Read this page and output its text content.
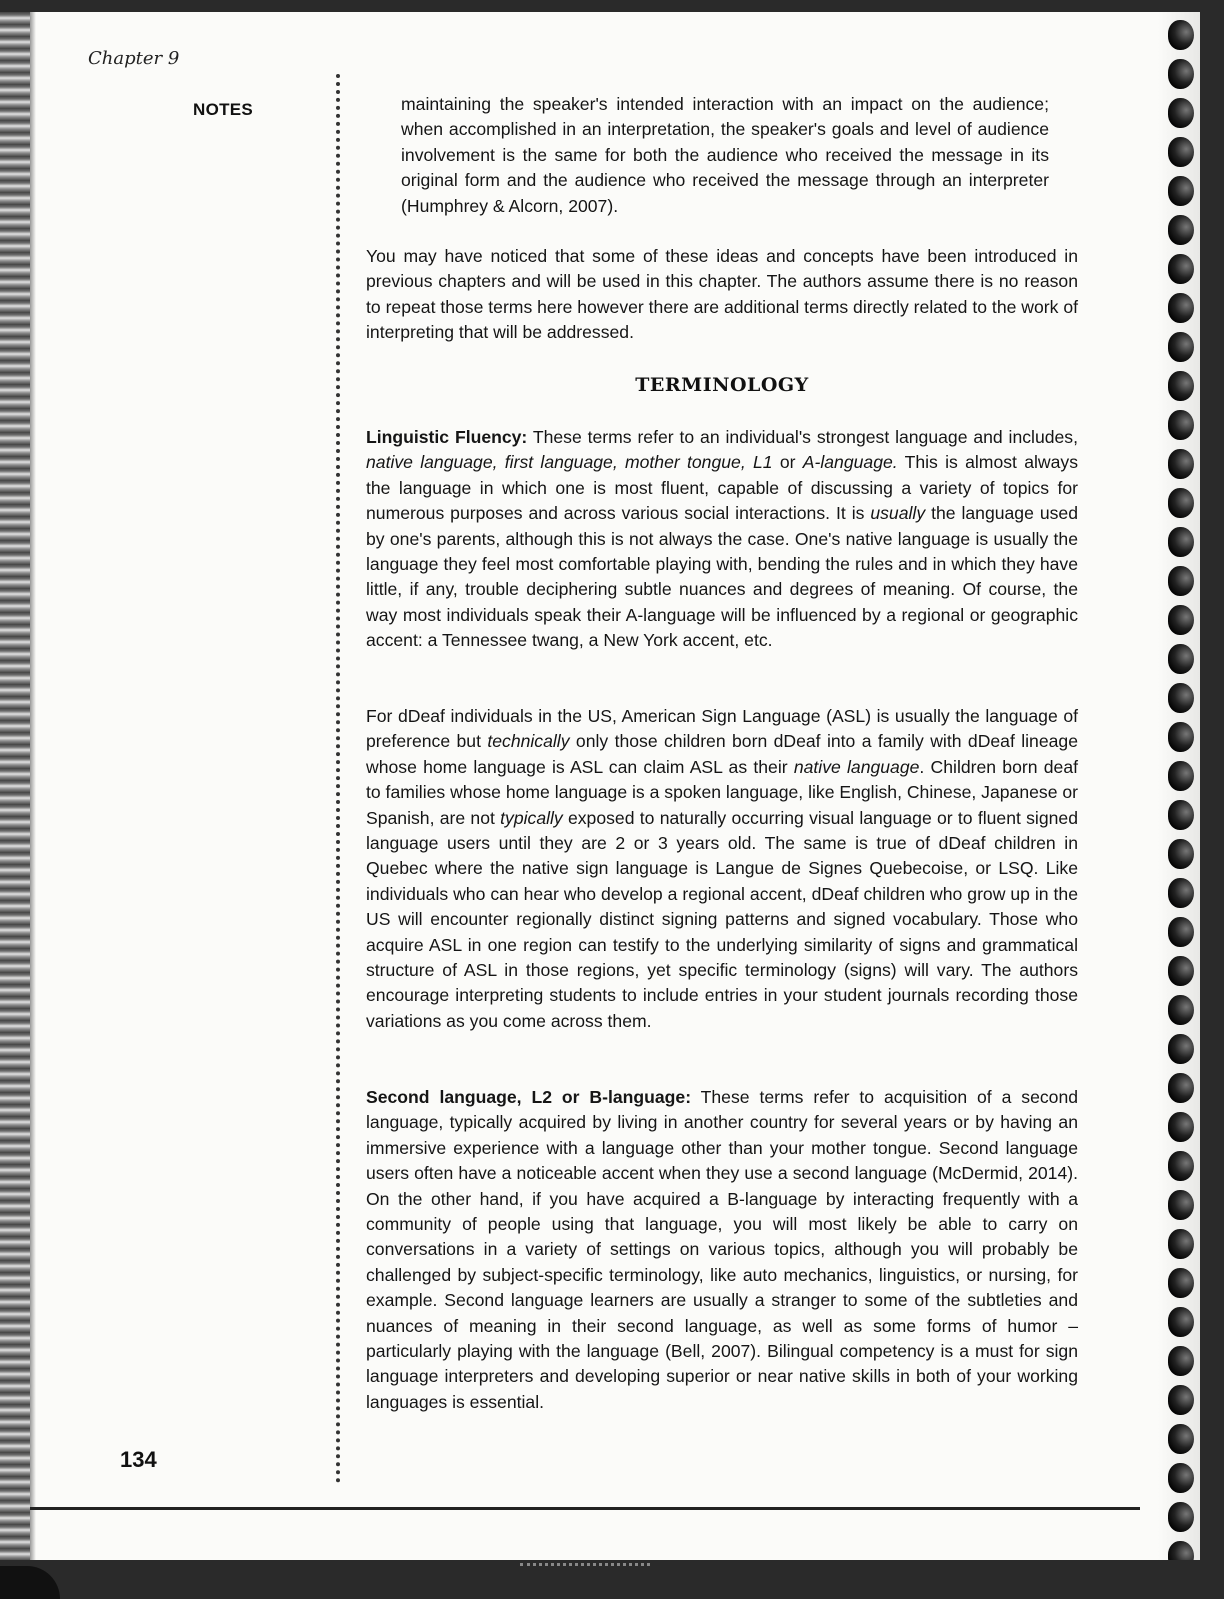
Chapter 9
NOTES	maintaining the speaker's intended interaction with an impact on the audience; when accomplished in an interpretation, the speaker's goals and level of audience involvement is the same for both the audience who received the message in its original form and the audience who received the message through an interpreter (Humphrey & Alcorn, 2007).

You may have noticed that some of these ideas and concepts have been introduced in previous chapters and will be used in this chapter. The authors assume there is no reason to repeat those terms here however there are additional terms directly related to the work of interpreting that will be addressed.

TERMINOLOGY

Linguistic Fluency: These terms refer to an individual's strongest language and includes, native language, first language, mother tongue, L1 or A-language. This is almost always the language in which one is most fluent, capable of discussing a variety of topics for numerous purposes and across various social interactions. It is usually the language used by one's parents, although this is not always the case. One's native language is usually the language they feel most comfortable playing with, bending the rules and in which they have little, if any, trouble deciphering subtle nuances and degrees of meaning. Of course, the way most individuals speak their A-language will be influenced by a regional or geographic accent: a Tennessee twang, a New York accent, etc.

For dDeaf individuals in the US, American Sign Language (ASL) is usually the language of preference but technically only those children born dDeaf into a family with dDeaf lineage whose home language is ASL can claim ASL as their native language. Children born deaf to families whose home language is a spoken language, like English, Chinese, Japanese or Spanish, are not typically exposed to naturally occurring visual language or to fluent signed language users until they are 2 or 3 years old. The same is true of dDeaf children in Quebec where the native sign language is Langue de Signes Quebecoise, or LSQ. Like individuals who can hear who develop a regional accent, dDeaf children who grow up in the US will encounter regionally distinct signing patterns and signed vocabulary. Those who acquire ASL in one region can testify to the underlying similarity of signs and grammatical structure of ASL in those regions, yet specific terminology (signs) will vary. The authors encourage interpreting students to include entries in your student journals recording those variations as you come across them.

Second language, L2 or B-language: These terms refer to acquisition of a second language, typically acquired by living in another country for several years or by having an immersive experience with a language other than your mother tongue. Second language users often have a noticeable accent when they use a second language (McDermid, 2014). On the other hand, if you have acquired a B-language by interacting frequently with a community of people using that language, you will most likely be able to carry on conversations in a variety of settings on various topics, although you will probably be challenged by subject-specific terminology, like auto mechanics, linguistics, or nursing, for example. Second language learners are usually a stranger to some of the subtleties and nuances of meaning in their second language, as well as some forms of humor – particularly playing with the language (Bell, 2007). Bilingual competency is a must for sign language interpreters and developing superior or near native skills in both of your working languages is essential.

134
